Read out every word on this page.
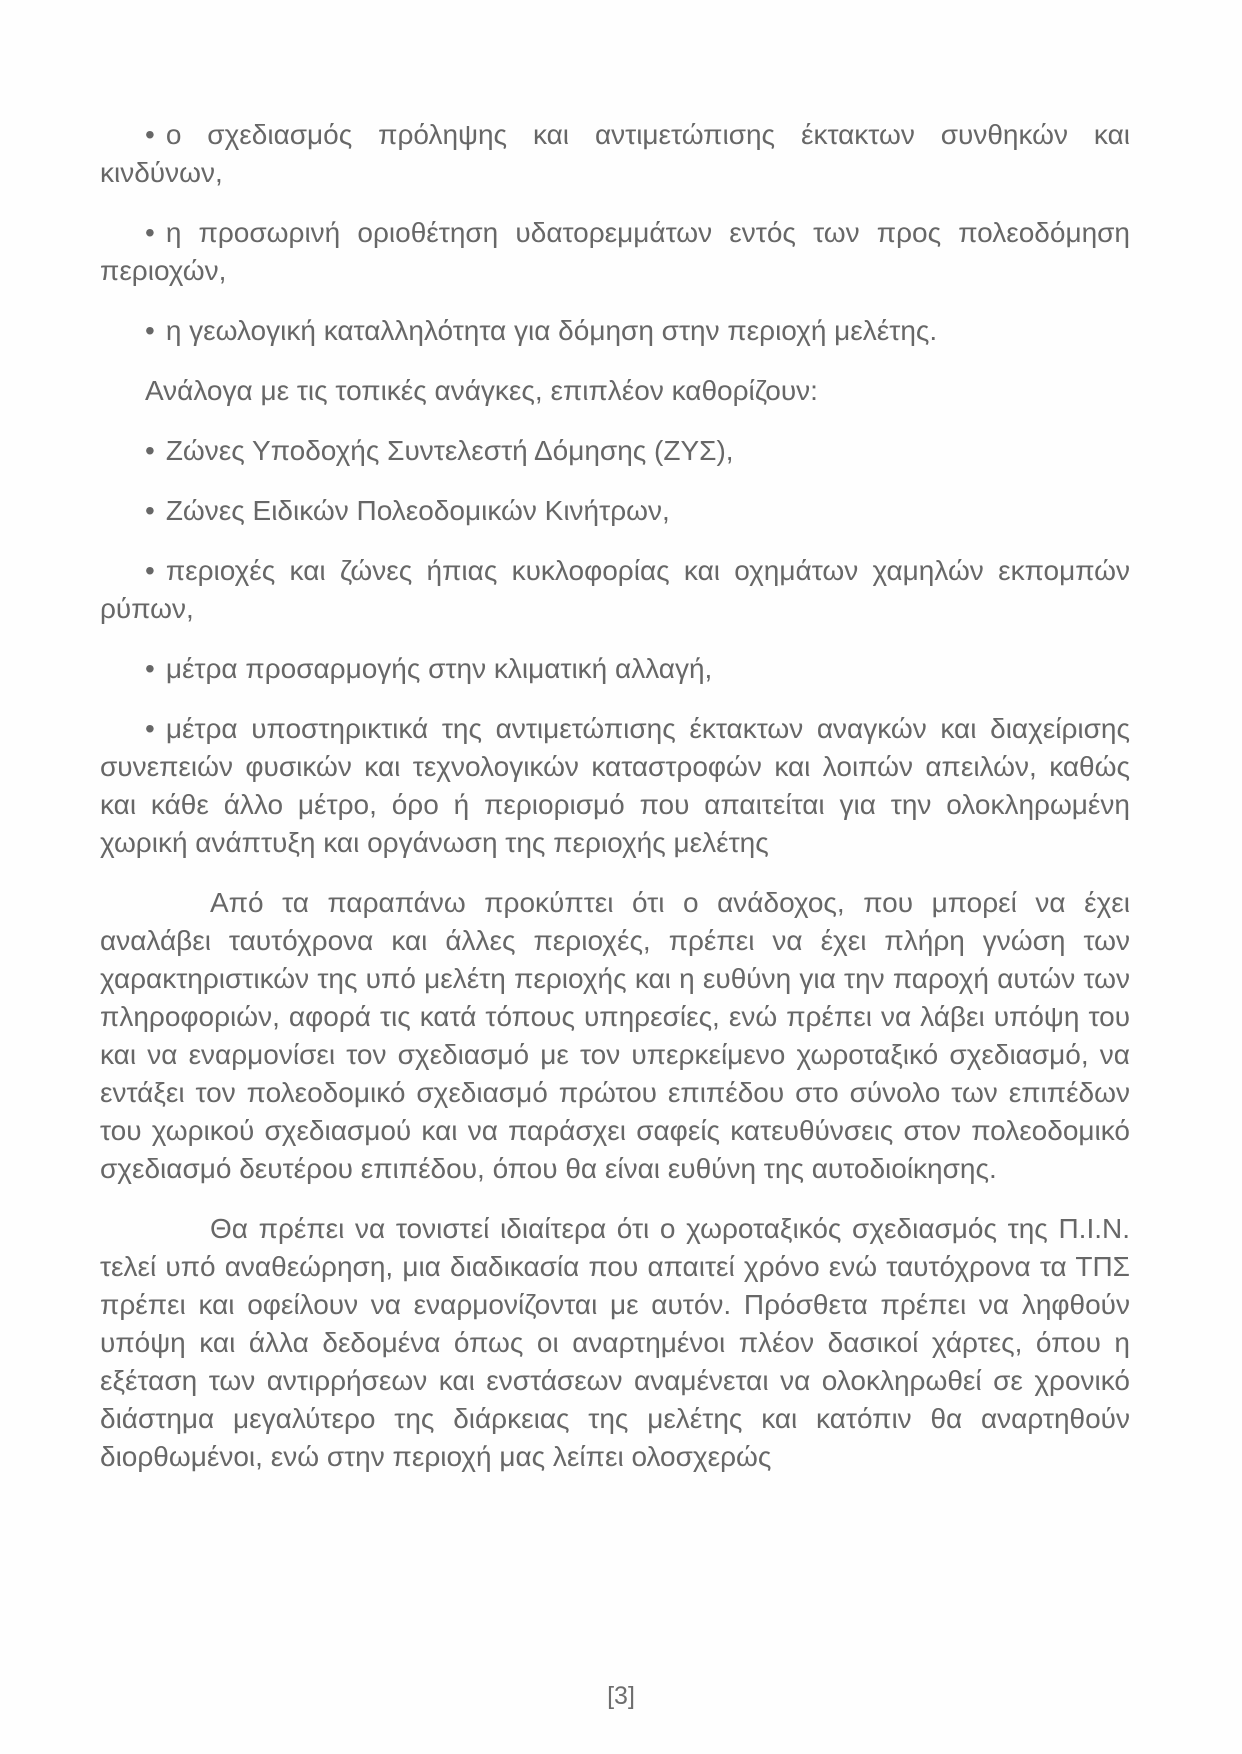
• ο σχεδιασμός πρόληψης και αντιμετώπισης έκτακτων συνθηκών και κινδύνων,

• η προσωρινή οριοθέτηση υδατορεμμάτων εντός των προς πολεοδόμηση περιοχών,

• η γεωλογική καταλληλότητα για δόμηση στην περιοχή μελέτης.

Ανάλογα με τις τοπικές ανάγκες, επιπλέον καθορίζουν:

• Ζώνες Υποδοχής Συντελεστή Δόμησης (ΖΥΣ),

• Ζώνες Ειδικών Πολεοδομικών Κινήτρων,

• περιοχές και ζώνες ήπιας κυκλοφορίας και οχημάτων χαμηλών εκπομπών ρύπων,

• μέτρα προσαρμογής στην κλιματική αλλαγή,

• μέτρα υποστηρικτικά της αντιμετώπισης έκτακτων αναγκών και διαχείρισης συνεπειών φυσικών και τεχνολογικών καταστροφών και λοιπών απειλών, καθώς και κάθε άλλο μέτρο, όρο ή περιορισμό που απαιτείται για την ολοκληρωμένη χωρική ανάπτυξη και οργάνωση της περιοχής μελέτης

Από τα παραπάνω προκύπτει ότι ο ανάδοχος, που μπορεί να έχει αναλάβει ταυτόχρονα και άλλες περιοχές, πρέπει να έχει πλήρη γνώση των χαρακτηριστικών της υπό μελέτη περιοχής και η ευθύνη για την παροχή αυτών των πληροφοριών, αφορά τις κατά τόπους υπηρεσίες, ενώ πρέπει να λάβει υπόψη του και να εναρμονίσει τον σχεδιασμό με τον υπερκείμενο χωροταξικό σχεδιασμό, να εντάξει τον πολεοδομικό σχεδιασμό πρώτου επιπέδου στο σύνολο των επιπέδων του χωρικού σχεδιασμού και να παράσχει σαφείς κατευθύνσεις στον πολεοδομικό σχεδιασμό δευτέρου επιπέδου, όπου θα είναι ευθύνη της αυτοδιοίκησης.

Θα πρέπει να τονιστεί ιδιαίτερα ότι ο χωροταξικός σχεδιασμός της Π.Ι.Ν. τελεί υπό αναθεώρηση, μια διαδικασία που απαιτεί χρόνο ενώ ταυτόχρονα τα ΤΠΣ πρέπει και οφείλουν να εναρμονίζονται με αυτόν. Πρόσθετα πρέπει να ληφθούν υπόψη και άλλα δεδομένα όπως οι αναρτημένοι πλέον δασικοί χάρτες, όπου η εξέταση των αντιρρήσεων και ενστάσεων αναμένεται να ολοκληρωθεί σε χρονικό διάστημα μεγαλύτερο της διάρκειας της μελέτης και κατόπιν θα αναρτηθούν διορθωμένοι, ενώ στην περιοχή μας λείπει ολοσχερώς

[3]
